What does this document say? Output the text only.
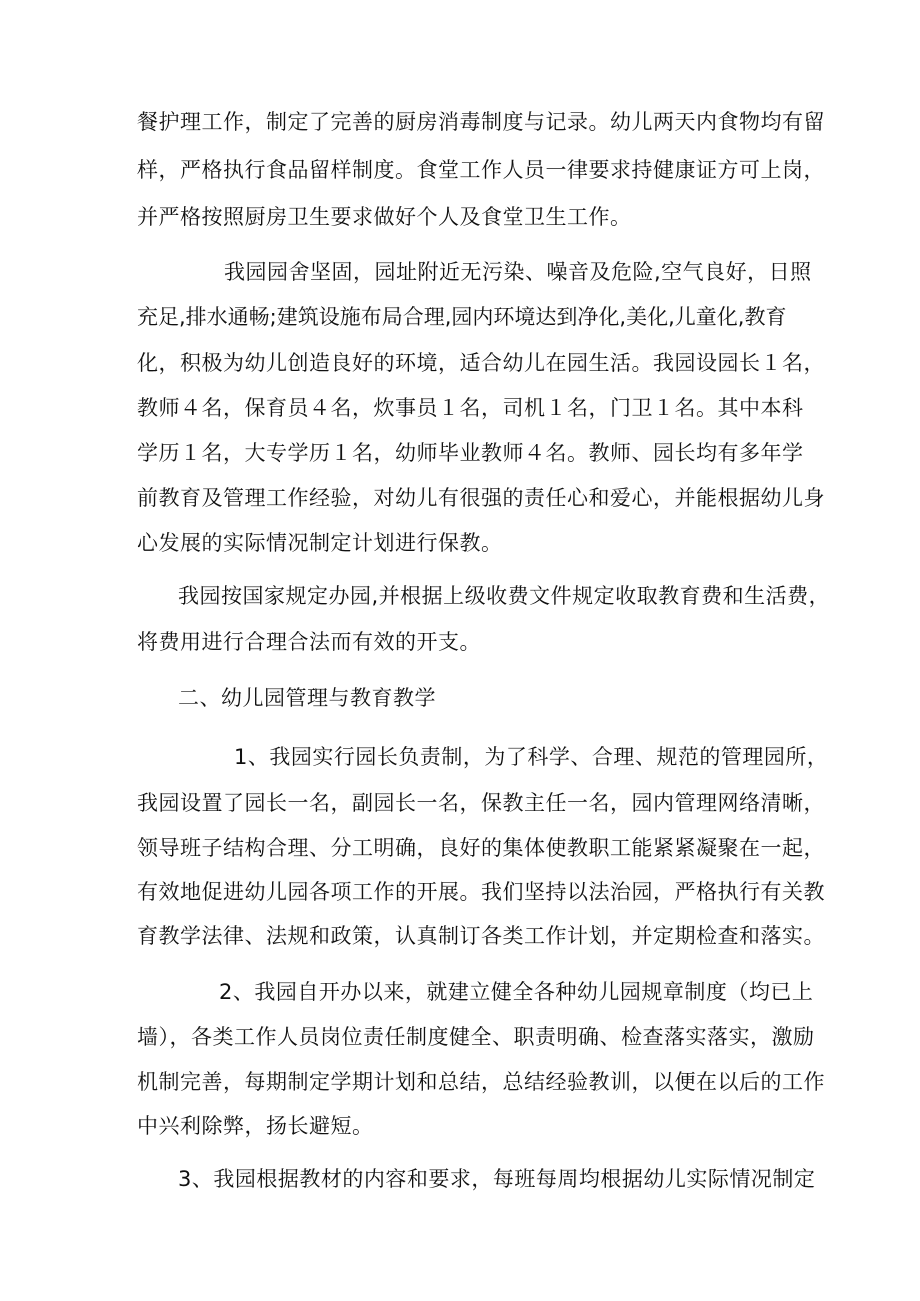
餐护理工作，制定了完善的厨房消毒制度与记录。幼儿两天内食物均有留
样，严格执行食品留样制度。食堂工作人员一律要求持健康证方可上岗，
并严格按照厨房卫生要求做好个人及食堂卫生工作。
我园园舍坚固，园址附近无污染、噪音及危险,空气良好，日照
充足,排水通畅;建筑设施布局合理,园内环境达到净化,美化,儿童化,教育
化，积极为幼儿创造良好的环境，适合幼儿在园生活。我园设园长１名，
教师４名，保育员４名，炊事员１名，司机１名，门卫１名。其中本科
学历１名，大专学历１名，幼师毕业教师４名。教师、园长均有多年学
前教育及管理工作经验，对幼儿有很强的责任心和爱心，并能根据幼儿身
心发展的实际情况制定计划进行保教。
我园按国家规定办园,并根据上级收费文件规定收取教育费和生活费，
将费用进行合理合法而有效的开支。
二、幼儿园管理与教育教学
1、我园实行园长负责制，为了科学、合理、规范的管理园所，
我园设置了园长一名，副园长一名，保教主任一名，园内管理网络清晰，
领导班子结构合理、分工明确，良好的集体使教职工能紧紧凝聚在一起，
有效地促进幼儿园各项工作的开展。我们坚持以法治园，严格执行有关教
育教学法律、法规和政策，认真制订各类工作计划，并定期检查和落实。
2、我园自开办以来，就建立健全各种幼儿园规章制度（均已上
墙），各类工作人员岗位责任制度健全、职责明确、检查落实落实，激励
机制完善，每期制定学期计划和总结，总结经验教训，以便在以后的工作
中兴利除弊，扬长避短。
3、我园根据教材的内容和要求，每班每周均根据幼儿实际情况制定
